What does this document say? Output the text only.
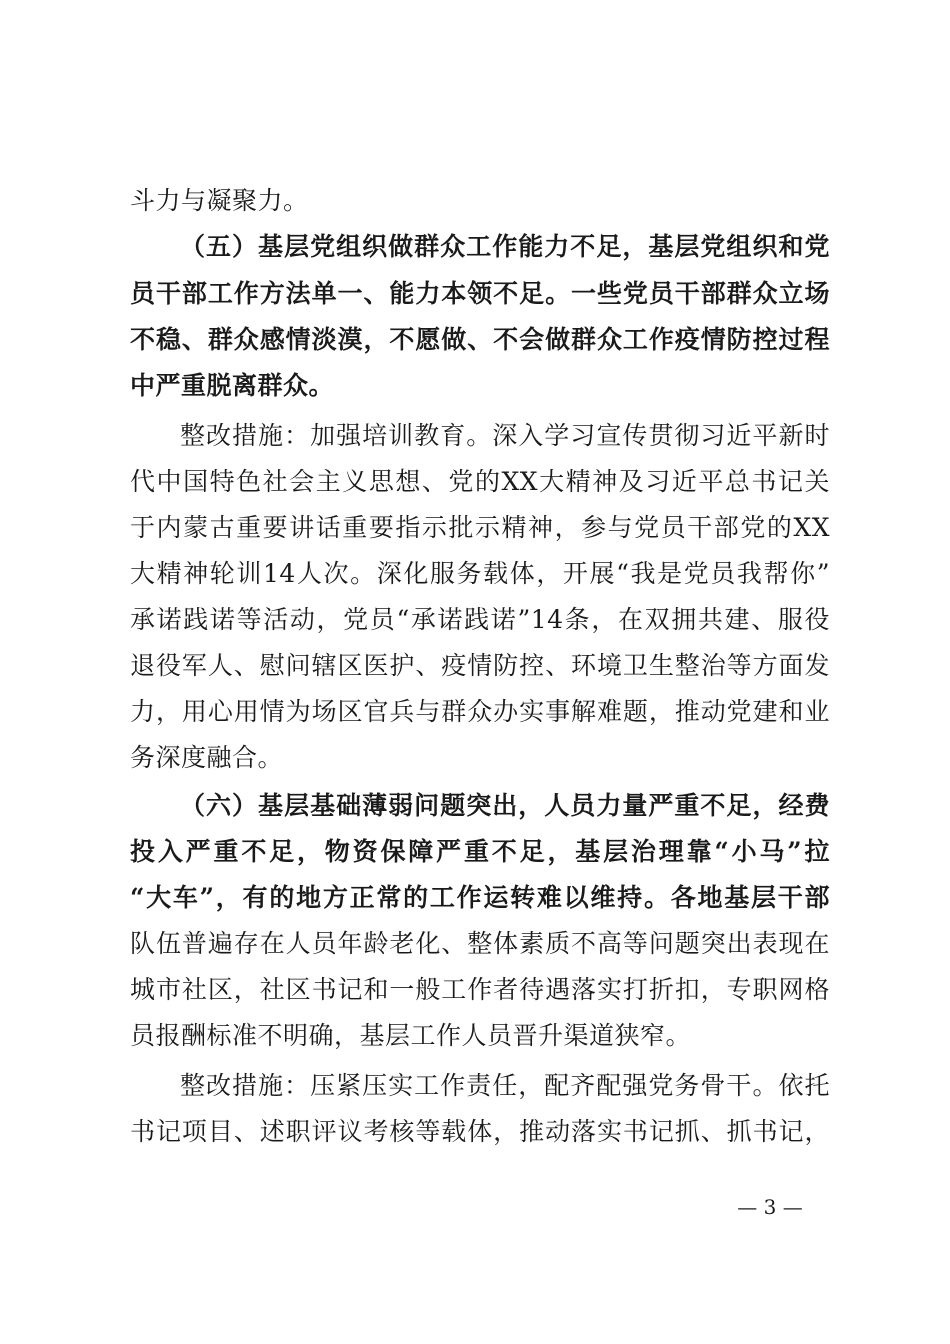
斗力与凝聚力。
（五）基层党组织做群众工作能力不足，基层党组织和党
员干部工作方法单一、能力本领不足。一些党员干部群众立场
不稳、群众感情淡漠，不愿做、不会做群众工作疫情防控过程
中严重脱离群众。
整改措施：加强培训教育。深入学习宣传贯彻习近平新时
代中国特色社会主义思想、党的XX大精神及习近平总书记关
于内蒙古重要讲话重要指示批示精神，参与党员干部党的XX
大精神轮训14人次。深化服务载体，开展“我是党员我帮你”
承诺践诺等活动，党员“承诺践诺”14条，在双拥共建、服役
退役军人、慰问辖区医护、疫情防控、环境卫生整治等方面发
力，用心用情为场区官兵与群众办实事解难题，推动党建和业
务深度融合。
（六）基层基础薄弱问题突出，人员力量严重不足，经费
投入严重不足，物资保障严重不足，基层治理靠“小马”拉
“大车”，有的地方正常的工作运转难以维持。各地基层干部
队伍普遍存在人员年龄老化、整体素质不高等问题突出表现在
城市社区，社区书记和一般工作者待遇落实打折扣，专职网格
员报酬标准不明确，基层工作人员晋升渠道狭窄。
整改措施：压紧压实工作责任，配齐配强党务骨干。依托
书记项目、述职评议考核等载体，推动落实书记抓、抓书记，
— 3 —
